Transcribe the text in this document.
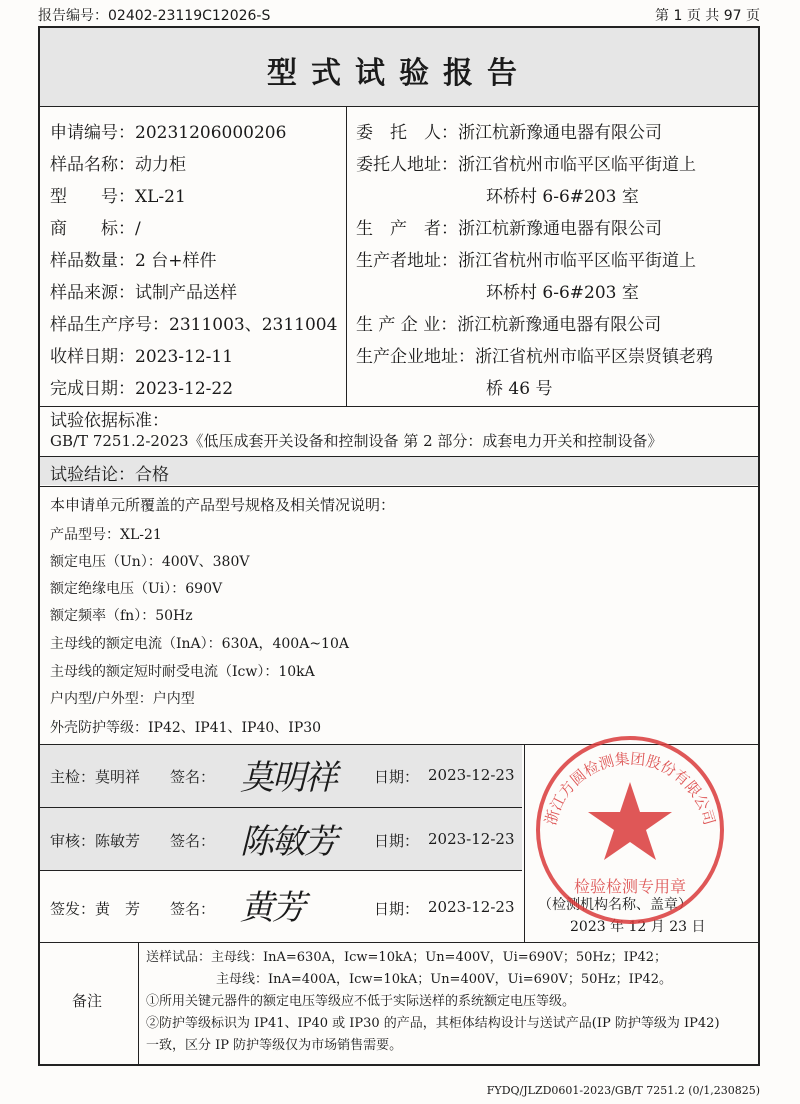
报告编号：02402-23119C12026-S	第 1 页 共 97 页
型式试验报告
申请编号：20231206000206
样品名称：动力柜
型　　号：XL-21
商　　标：/
样品数量：2 台+样件
样品来源：试制产品送样
样品生产序号：2311003、2311004
收样日期：2023-12-11
完成日期：2023-12-22
委　托　人：浙江杭新豫通电器有限公司
委托人地址：浙江省杭州市临平区临平街道上
环桥村 6-6#203 室
生　产　者：浙江杭新豫通电器有限公司
生产者地址：浙江省杭州市临平区临平街道上
环桥村 6-6#203 室
生 产 企 业：浙江杭新豫通电器有限公司
生产企业地址：浙江省杭州市临平区崇贤镇老鸦
桥 46 号
试验依据标准：
GB/T 7251.2-2023《低压成套开关设备和控制设备 第 2 部分：成套电力开关和控制设备》
试验结论：合格
本申请单元所覆盖的产品型号规格及相关情况说明：
产品型号：XL-21
额定电压（Un）：400V、380V
额定绝缘电压（Ui）：690V
额定频率（fn）：50Hz
主母线的额定电流（InA）：630A，400A~10A
主母线的额定短时耐受电流（Icw）：10kA
户内型/户外型：户内型
外壳防护等级：IP42、IP41、IP40、IP30
主检：莫明祥 签名： 莫明祥	日期： 2023-12-23
审核：陈敏芳 签名： 陈敏芳	日期： 2023-12-23
签发：黄　芳 签名： 黄芳	日期： 2023-12-23 （检测机构名称、盖章）
2023 年 12 月 23 日
备注
送样试品：主母线：InA=630A，Icw=10kA；Un=400V，Ui=690V；50Hz；IP42；
主母线：InA=400A，Icw=10kA；Un=400V，Ui=690V；50Hz；IP42。
①所用关键元器件的额定电压等级应不低于实际送样的系统额定电压等级。
②防护等级标识为 IP41、IP40 或 IP30 的产品，其柜体结构设计与送试产品(IP 防护等级为 IP42)
一致，区分 IP 防护等级仅为市场销售需要。
浙江方圆检测集团股份有限公司
检验检测专用章
FYDQ/JLZD0601-2023/GB/T 7251.2 (0/1,230825)
